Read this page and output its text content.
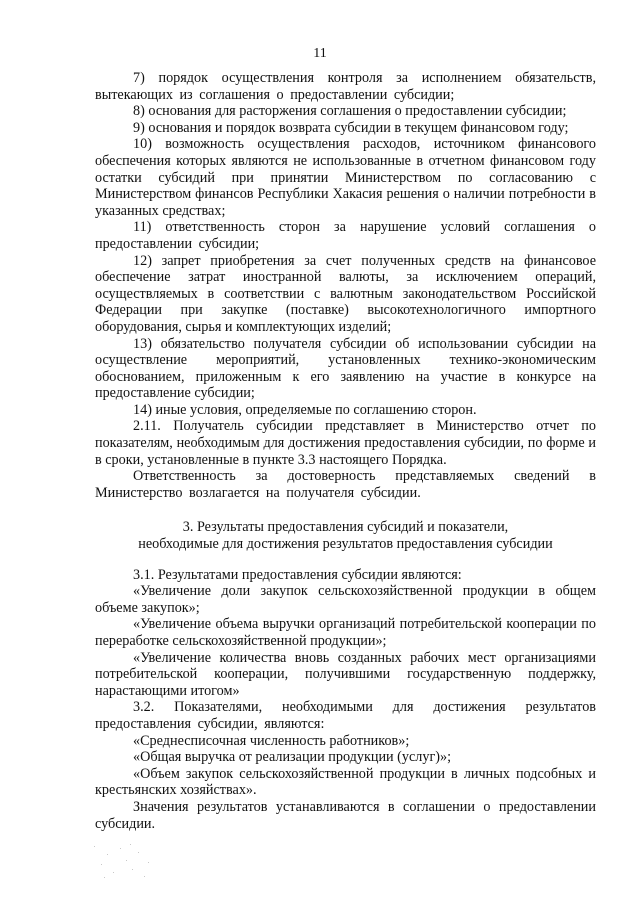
11

7) порядок осуществления контроля за исполнением обязательств, вытекающих из соглашения о предоставлении субсидии;

8) основания для расторжения соглашения о предоставлении субсидии;

9) основания и порядок возврата субсидии в текущем финансовом году;

10) возможность осуществления расходов, источником финансового обеспечения которых являются не использованные в отчетном финансовом году остатки субсидий при принятии Министерством по согласованию с Министерством финансов Республики Хакасия решения о наличии потребности в указанных средствах;

11) ответственность сторон за нарушение условий соглашения о предоставлении субсидии;

12) запрет приобретения за счет полученных средств на финансовое обеспечение затрат иностранной валюты, за исключением операций, осуществляемых в соответствии с валютным законодательством Российской Федерации при закупке (поставке) высокотехнологичного импортного оборудования, сырья и комплектующих изделий;

13) обязательство получателя субсидии об использовании субсидии на осуществление мероприятий, установленных технико-экономическим обоснованием, приложенным к его заявлению на участие в конкурсе на предоставление субсидии;

14) иные условия, определяемые по соглашению сторон.

2.11. Получатель субсидии представляет в Министерство отчет по показателям, необходимым для достижения предоставления субсидии, по форме и в сроки, установленные в пункте 3.3 настоящего Порядка.

Ответственность за достоверность представляемых сведений в Министерство возлагается на получателя субсидии.

3. Результаты предоставления субсидий и показатели,
необходимые для достижения результатов предоставления субсидии

3.1. Результатами предоставления субсидии являются:

«Увеличение доли закупок сельскохозяйственной продукции в общем объеме закупок»;

«Увеличение объема выручки организаций потребительской кооперации по переработке сельскохозяйственной продукции»;

«Увеличение количества вновь созданных рабочих мест организациями потребительской кооперации, получившими государственную поддержку, нарастающими итогом»

3.2. Показателями, необходимыми для достижения результатов предоставления субсидии, являются:

«Среднесписочная численность работников»;

«Общая выручка от реализации продукции (услуг)»;

«Объем закупок сельскохозяйственной продукции в личных подсобных и крестьянских хозяйствах».

Значения результатов устанавливаются в соглашении о предоставлении субсидии.
